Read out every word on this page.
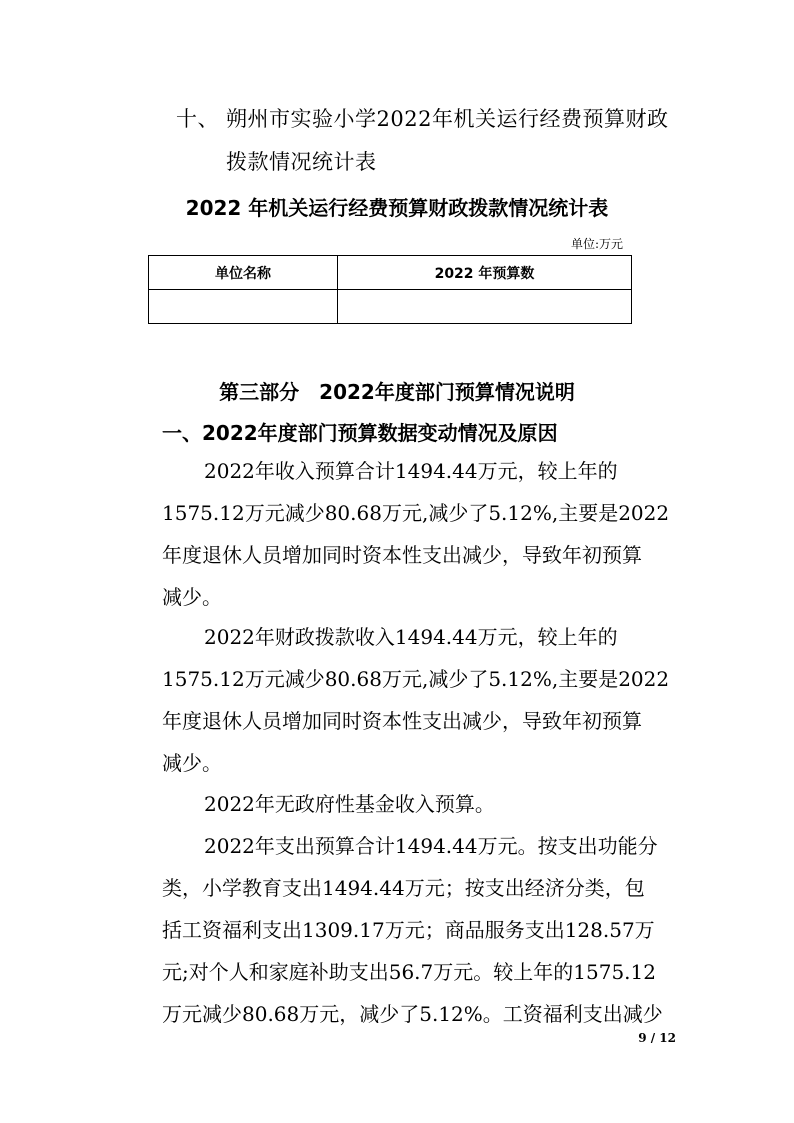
十、 朔州市实验小学2022年机关运行经费预算财政
拨款情况统计表
2022 年机关运行经费预算财政拨款情况统计表
单位:万元
单位名称	2022 年预算数

第三部分　2022年度部门预算情况说明
一、2022年度部门预算数据变动情况及原因
2022年收入预算合计1494.44万元，较上年的
1575.12万元减少80.68万元,减少了5.12%,主要是2022
年度退休人员增加同时资本性支出减少，导致年初预算
减少。
2022年财政拨款收入1494.44万元，较上年的
1575.12万元减少80.68万元,减少了5.12%,主要是2022
年度退休人员增加同时资本性支出减少，导致年初预算
减少。
2022年无政府性基金收入预算。
2022年支出预算合计1494.44万元。按支出功能分
类，小学教育支出1494.44万元；按支出经济分类，包
括工资福利支出1309.17万元；商品服务支出128.57万
元;对个人和家庭补助支出56.7万元。较上年的1575.12
万元减少80.68万元，减少了5.12%。工资福利支出减少
9 / 12
